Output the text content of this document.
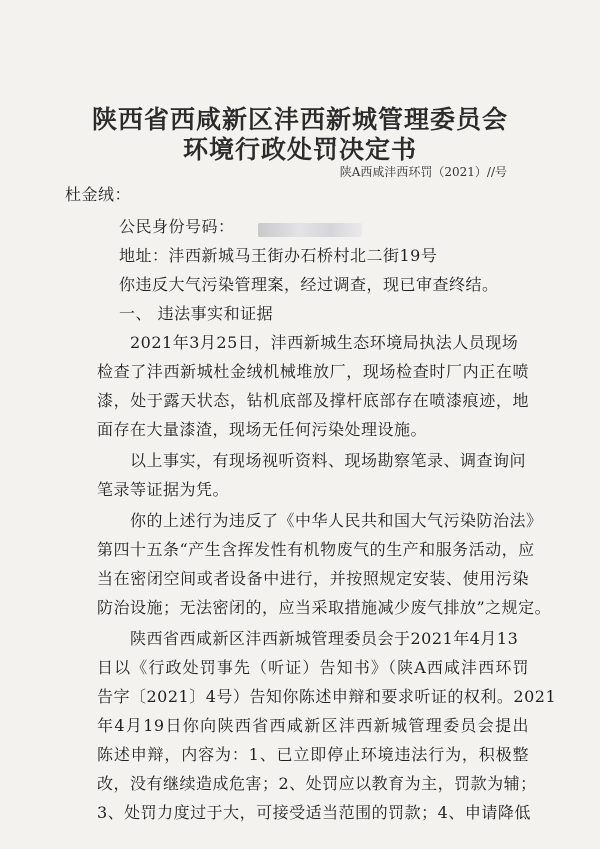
陕西省西咸新区沣西新城管理委员会
环境行政处罚决定书
陕A西咸沣西环罚（2021）//号
杜金绒：
公民身份号码：
地址：沣西新城马王街办石桥村北二街19号
你违反大气污染管理案，经过调查，现已审查终结。
一、 违法事实和证据
2021年3月25日，沣西新城生态环境局执法人员现场
检查了沣西新城杜金绒机械堆放厂，现场检查时厂内正在喷
漆，处于露天状态，钻机底部及撑杆底部存在喷漆痕迹，地
面存在大量漆渣，现场无任何污染处理设施。
以上事实，有现场视听资料、现场勘察笔录、调查询问
笔录等证据为凭。
你的上述行为违反了《中华人民共和国大气污染防治法》
第四十五条“产生含挥发性有机物废气的生产和服务活动，应
当在密闭空间或者设备中进行，并按照规定安装、使用污染
防治设施；无法密闭的，应当采取措施减少废气排放”之规定。
陕西省西咸新区沣西新城管理委员会于2021年4月13
日以《行政处罚事先（听证）告知书》（陕A西咸沣西环罚
告字〔2021〕4号）告知你陈述申辩和要求听证的权利。2021
年4月19日你向陕西省西咸新区沣西新城管理委员会提出
陈述申辩，内容为：1、已立即停止环境违法行为，积极整
改，没有继续造成危害；2、处罚应以教育为主，罚款为辅；
3、处罚力度过于大，可接受适当范围的罚款；4、申请降低
